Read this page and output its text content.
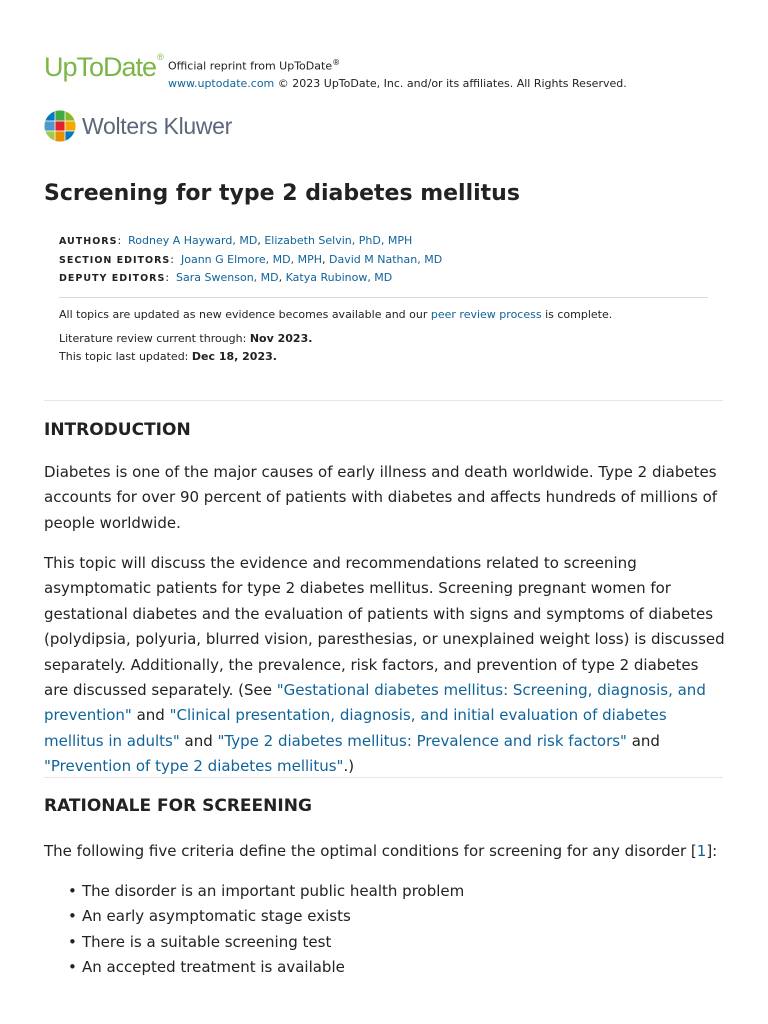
UpToDate ®
Official reprint from UpToDate®
www.uptodate.com © 2023 UpToDate, Inc. and/or its affiliates. All Rights Reserved.
Wolters Kluwer
Screening for type 2 diabetes mellitus
AUTHORS:  Rodney A Hayward, MD, Elizabeth Selvin, PhD, MPH
SECTION EDITORS:  Joann G Elmore, MD, MPH, David M Nathan, MD
DEPUTY EDITORS:  Sara Swenson, MD, Katya Rubinow, MD

All topics are updated as new evidence becomes available and our peer review process is complete.

Literature review current through: Nov 2023.

This topic last updated: Dec 18, 2023.

INTRODUCTION

Diabetes is one of the major causes of early illness and death worldwide. Type 2 diabetes accounts for over 90 percent of patients with diabetes and affects hundreds of millions of people worldwide.

This topic will discuss the evidence and recommendations related to screening asymptomatic patients for type 2 diabetes mellitus. Screening pregnant women for gestational diabetes and the evaluation of patients with signs and symptoms of diabetes (polydipsia, polyuria, blurred vision, paresthesias, or unexplained weight loss) is discussed separately. Additionally, the prevalence, risk factors, and prevention of type 2 diabetes are discussed separately. (See "Gestational diabetes mellitus: Screening, diagnosis, and prevention" and "Clinical presentation, diagnosis, and initial evaluation of diabetes mellitus in adults" and "Type 2 diabetes mellitus: Prevalence and risk factors" and "Prevention of type 2 diabetes mellitus".)

RATIONALE FOR SCREENING

The following five criteria define the optimal conditions for screening for any disorder [1]:

• The disorder is an important public health problem
• An early asymptomatic stage exists
• There is a suitable screening test
• An accepted treatment is available
